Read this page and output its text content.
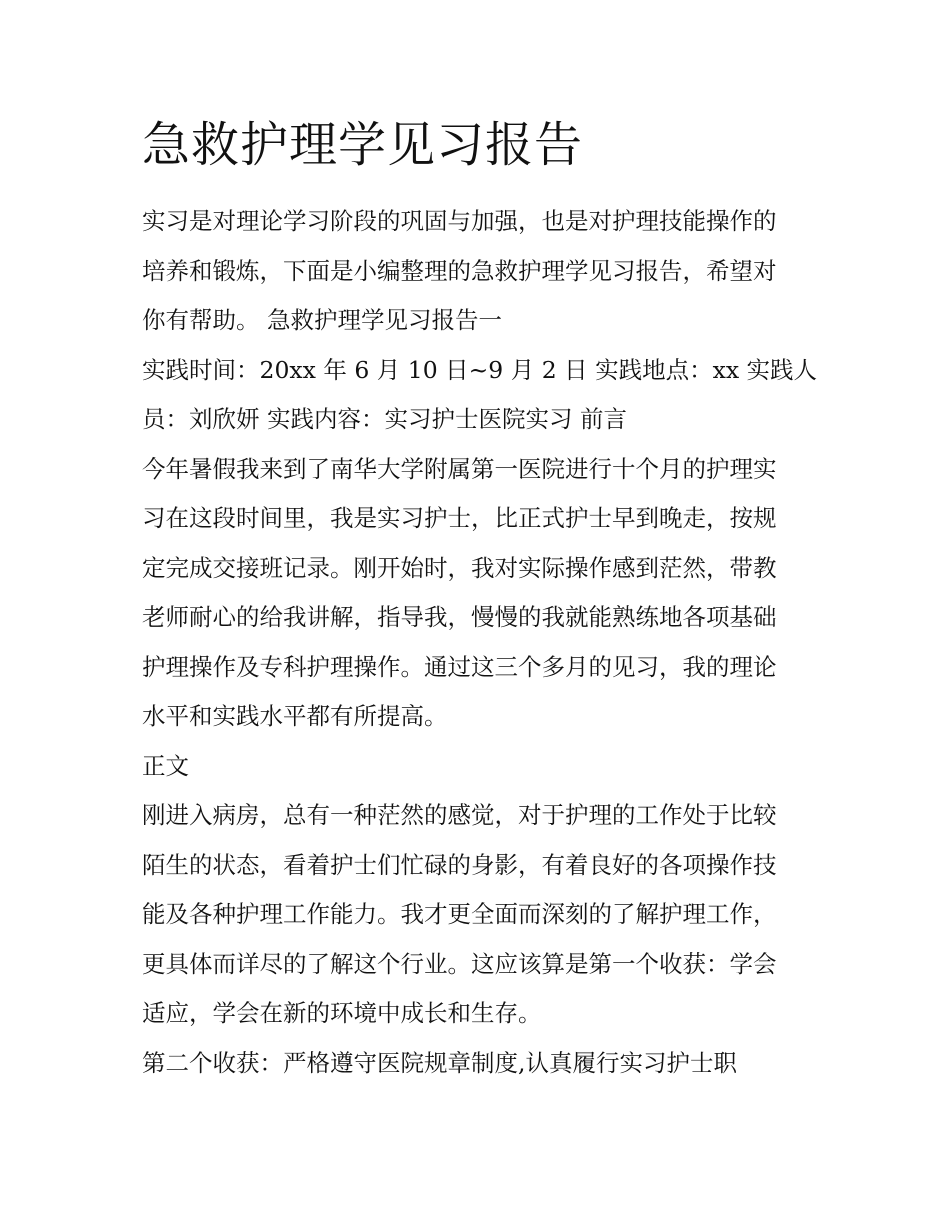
急救护理学见习报告

实习是对理论学习阶段的巩固与加强，也是对护理技能操作的
培养和锻炼，下面是小编整理的急救护理学见习报告，希望对
你有帮助。 急救护理学见习报告一

实践时间：20xx 年 6 月 10 日~9 月 2 日 实践地点：xx 实践人
员：刘欣妍 实践内容：实习护士医院实习 前言

今年暑假我来到了南华大学附属第一医院进行十个月的护理实
习在这段时间里，我是实习护士，比正式护士早到晚走，按规
定完成交接班记录。刚开始时，我对实际操作感到茫然，带教
老师耐心的给我讲解，指导我，慢慢的我就能熟练地各项基础
护理操作及专科护理操作。通过这三个多月的见习，我的理论
水平和实践水平都有所提高。

正文

刚进入病房，总有一种茫然的感觉，对于护理的工作处于比较
陌生的状态，看着护士们忙碌的身影，有着良好的各项操作技
能及各种护理工作能力。我才更全面而深刻的了解护理工作，
更具体而详尽的了解这个行业。这应该算是第一个收获：学会
适应，学会在新的环境中成长和生存。

第二个收获：严格遵守医院规章制度,认真履行实习护士职
